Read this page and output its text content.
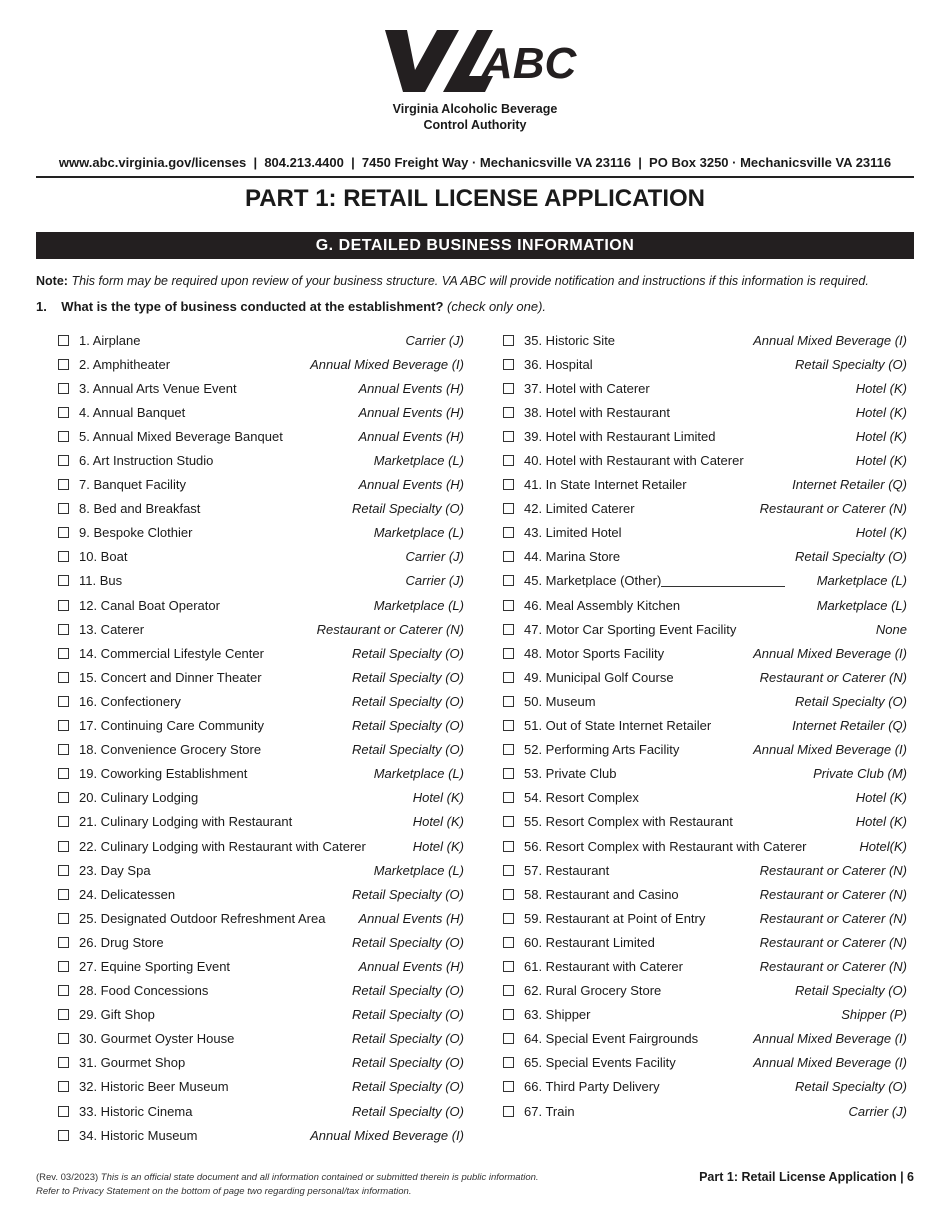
ABC
Virginia Alcoholic Beverage
Control Authority
www.abc.virginia.gov/licenses  |  804.213.4400  |  7450 Freight Way · Mechanicsville VA 23116  |  PO Box 3250 · Mechanicsville VA 23116
PART 1: RETAIL LICENSE APPLICATION
G. DETAILED BUSINESS INFORMATION
Note: This form may be required upon review of your business structure. VA ABC will provide notification and instructions if this information is required.
1. What is the type of business conducted at the establishment? (check only one).
1. Airplane	Carrier (J)
2. Amphitheater	Annual Mixed Beverage (I)
3. Annual Arts Venue Event	Annual Events (H)
4. Annual Banquet	Annual Events (H)
5. Annual Mixed Beverage Banquet	Annual Events (H)
6. Art Instruction Studio	Marketplace (L)
7. Banquet Facility	Annual Events (H)
8. Bed and Breakfast	Retail Specialty (O)
9. Bespoke Clothier	Marketplace (L)
10. Boat	Carrier (J)
11. Bus	Carrier (J)
12. Canal Boat Operator	Marketplace (L)
13. Caterer	Restaurant or Caterer (N)
14. Commercial Lifestyle Center	Retail Specialty (O)
15. Concert and Dinner Theater	Retail Specialty (O)
16. Confectionery	Retail Specialty (O)
17. Continuing Care Community	Retail Specialty (O)
18. Convenience Grocery Store	Retail Specialty (O)
19. Coworking Establishment	Marketplace (L)
20. Culinary Lodging	Hotel (K)
21. Culinary Lodging with Restaurant	Hotel (K)
22. Culinary Lodging with Restaurant with Caterer	Hotel (K)
23. Day Spa	Marketplace (L)
24. Delicatessen	Retail Specialty (O)
25. Designated Outdoor Refreshment Area	Annual Events (H)
26. Drug Store	Retail Specialty (O)
27. Equine Sporting Event	Annual Events (H)
28. Food Concessions	Retail Specialty (O)
29. Gift Shop	Retail Specialty (O)
30. Gourmet Oyster House	Retail Specialty (O)
31. Gourmet Shop	Retail Specialty (O)
32. Historic Beer Museum	Retail Specialty (O)
33. Historic Cinema	Retail Specialty (O)
34. Historic Museum	Annual Mixed Beverage (I)
35. Historic Site	Annual Mixed Beverage (I)
36. Hospital	Retail Specialty (O)
37. Hotel with Caterer	Hotel (K)
38. Hotel with Restaurant	Hotel (K)
39. Hotel with Restaurant Limited	Hotel (K)
40. Hotel with Restaurant with Caterer	Hotel (K)
41. In State Internet Retailer	Internet Retailer (Q)
42. Limited Caterer	Restaurant or Caterer (N)
43. Limited Hotel	Hotel (K)
44. Marina Store	Retail Specialty (O)
45. Marketplace (Other)	Marketplace (L)
46. Meal Assembly Kitchen	Marketplace (L)
47. Motor Car Sporting Event Facility	None
48. Motor Sports Facility	Annual Mixed Beverage (I)
49. Municipal Golf Course	Restaurant or Caterer (N)
50. Museum	Retail Specialty (O)
51. Out of State Internet Retailer	Internet Retailer (Q)
52. Performing Arts Facility	Annual Mixed Beverage (I)
53. Private Club	Private Club (M)
54. Resort Complex	Hotel (K)
55. Resort Complex with Restaurant	Hotel (K)
56. Resort Complex with Restaurant with Caterer	Hotel(K)
57. Restaurant	Restaurant or Caterer (N)
58. Restaurant and Casino	Restaurant or Caterer (N)
59. Restaurant at Point of Entry	Restaurant or Caterer (N)
60. Restaurant Limited	Restaurant or Caterer (N)
61. Restaurant with Caterer	Restaurant or Caterer (N)
62. Rural Grocery Store	Retail Specialty (O)
63. Shipper	Shipper (P)
64. Special Event Fairgrounds	Annual Mixed Beverage (I)
65. Special Events Facility	Annual Mixed Beverage (I)
66. Third Party Delivery	Retail Specialty (O)
67. Train	Carrier (J)
(Rev. 03/2023) This is an official state document and all information contained or submitted therein is public information.
Refer to Privacy Statement on the bottom of page two regarding personal/tax information.
Part 1: Retail License Application | 6
